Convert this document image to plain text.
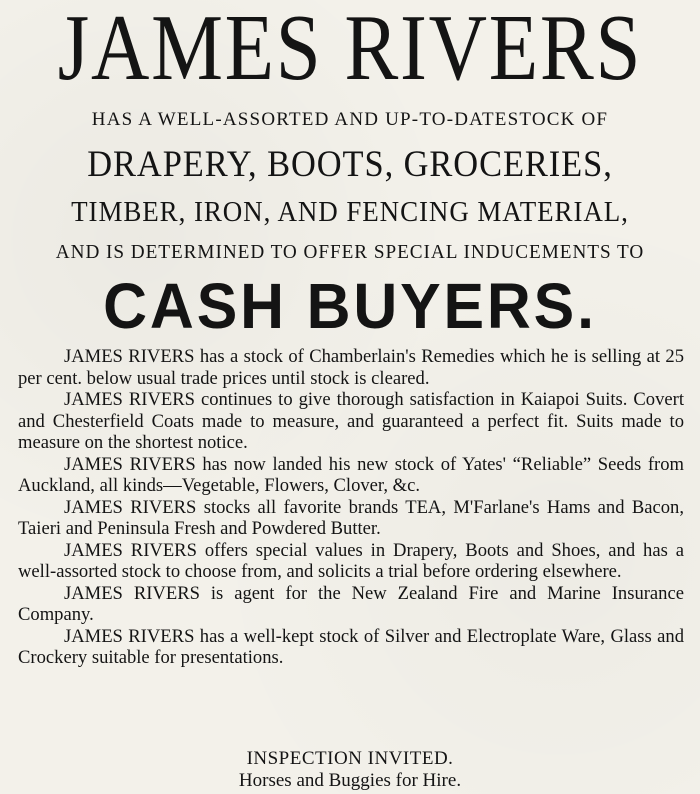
JAMES RIVERS
HAS A WELL-ASSORTED AND UP-TO-DATESTOCK OF
DRAPERY, BOOTS, GROCERIES,
TIMBER, IRON, AND FENCING MATERIAL,
AND IS DETERMINED TO OFFER SPECIAL INDUCEMENTS TO
CASH BUYERS.

JAMES RIVERS has a stock of Chamberlain's Remedies which he is selling at 25 per cent. below usual trade prices until stock is cleared.

JAMES RIVERS continues to give thorough satisfaction in Kaiapoi Suits. Covert and Chesterfield Coats made to measure, and guaranteed a perfect fit. Suits made to measure on the shortest notice.

JAMES RIVERS has now landed his new stock of Yates' “Reliable” Seeds from Auckland, all kinds—Vegetable, Flowers, Clover, &c.

JAMES RIVERS stocks all favorite brands TEA, M'Farlane's Hams and Bacon, Taieri and Peninsula Fresh and Powdered Butter.

JAMES RIVERS offers special values in Drapery, Boots and Shoes, and has a well-assorted stock to choose from, and solicits a trial before ordering elsewhere.

JAMES RIVERS is agent for the New Zealand Fire and Marine Insurance Company.

JAMES RIVERS has a well-kept stock of Silver and Electroplate Ware, Glass and Crockery suitable for presentations.

INSPECTION INVITED.
Horses and Buggies for Hire.
